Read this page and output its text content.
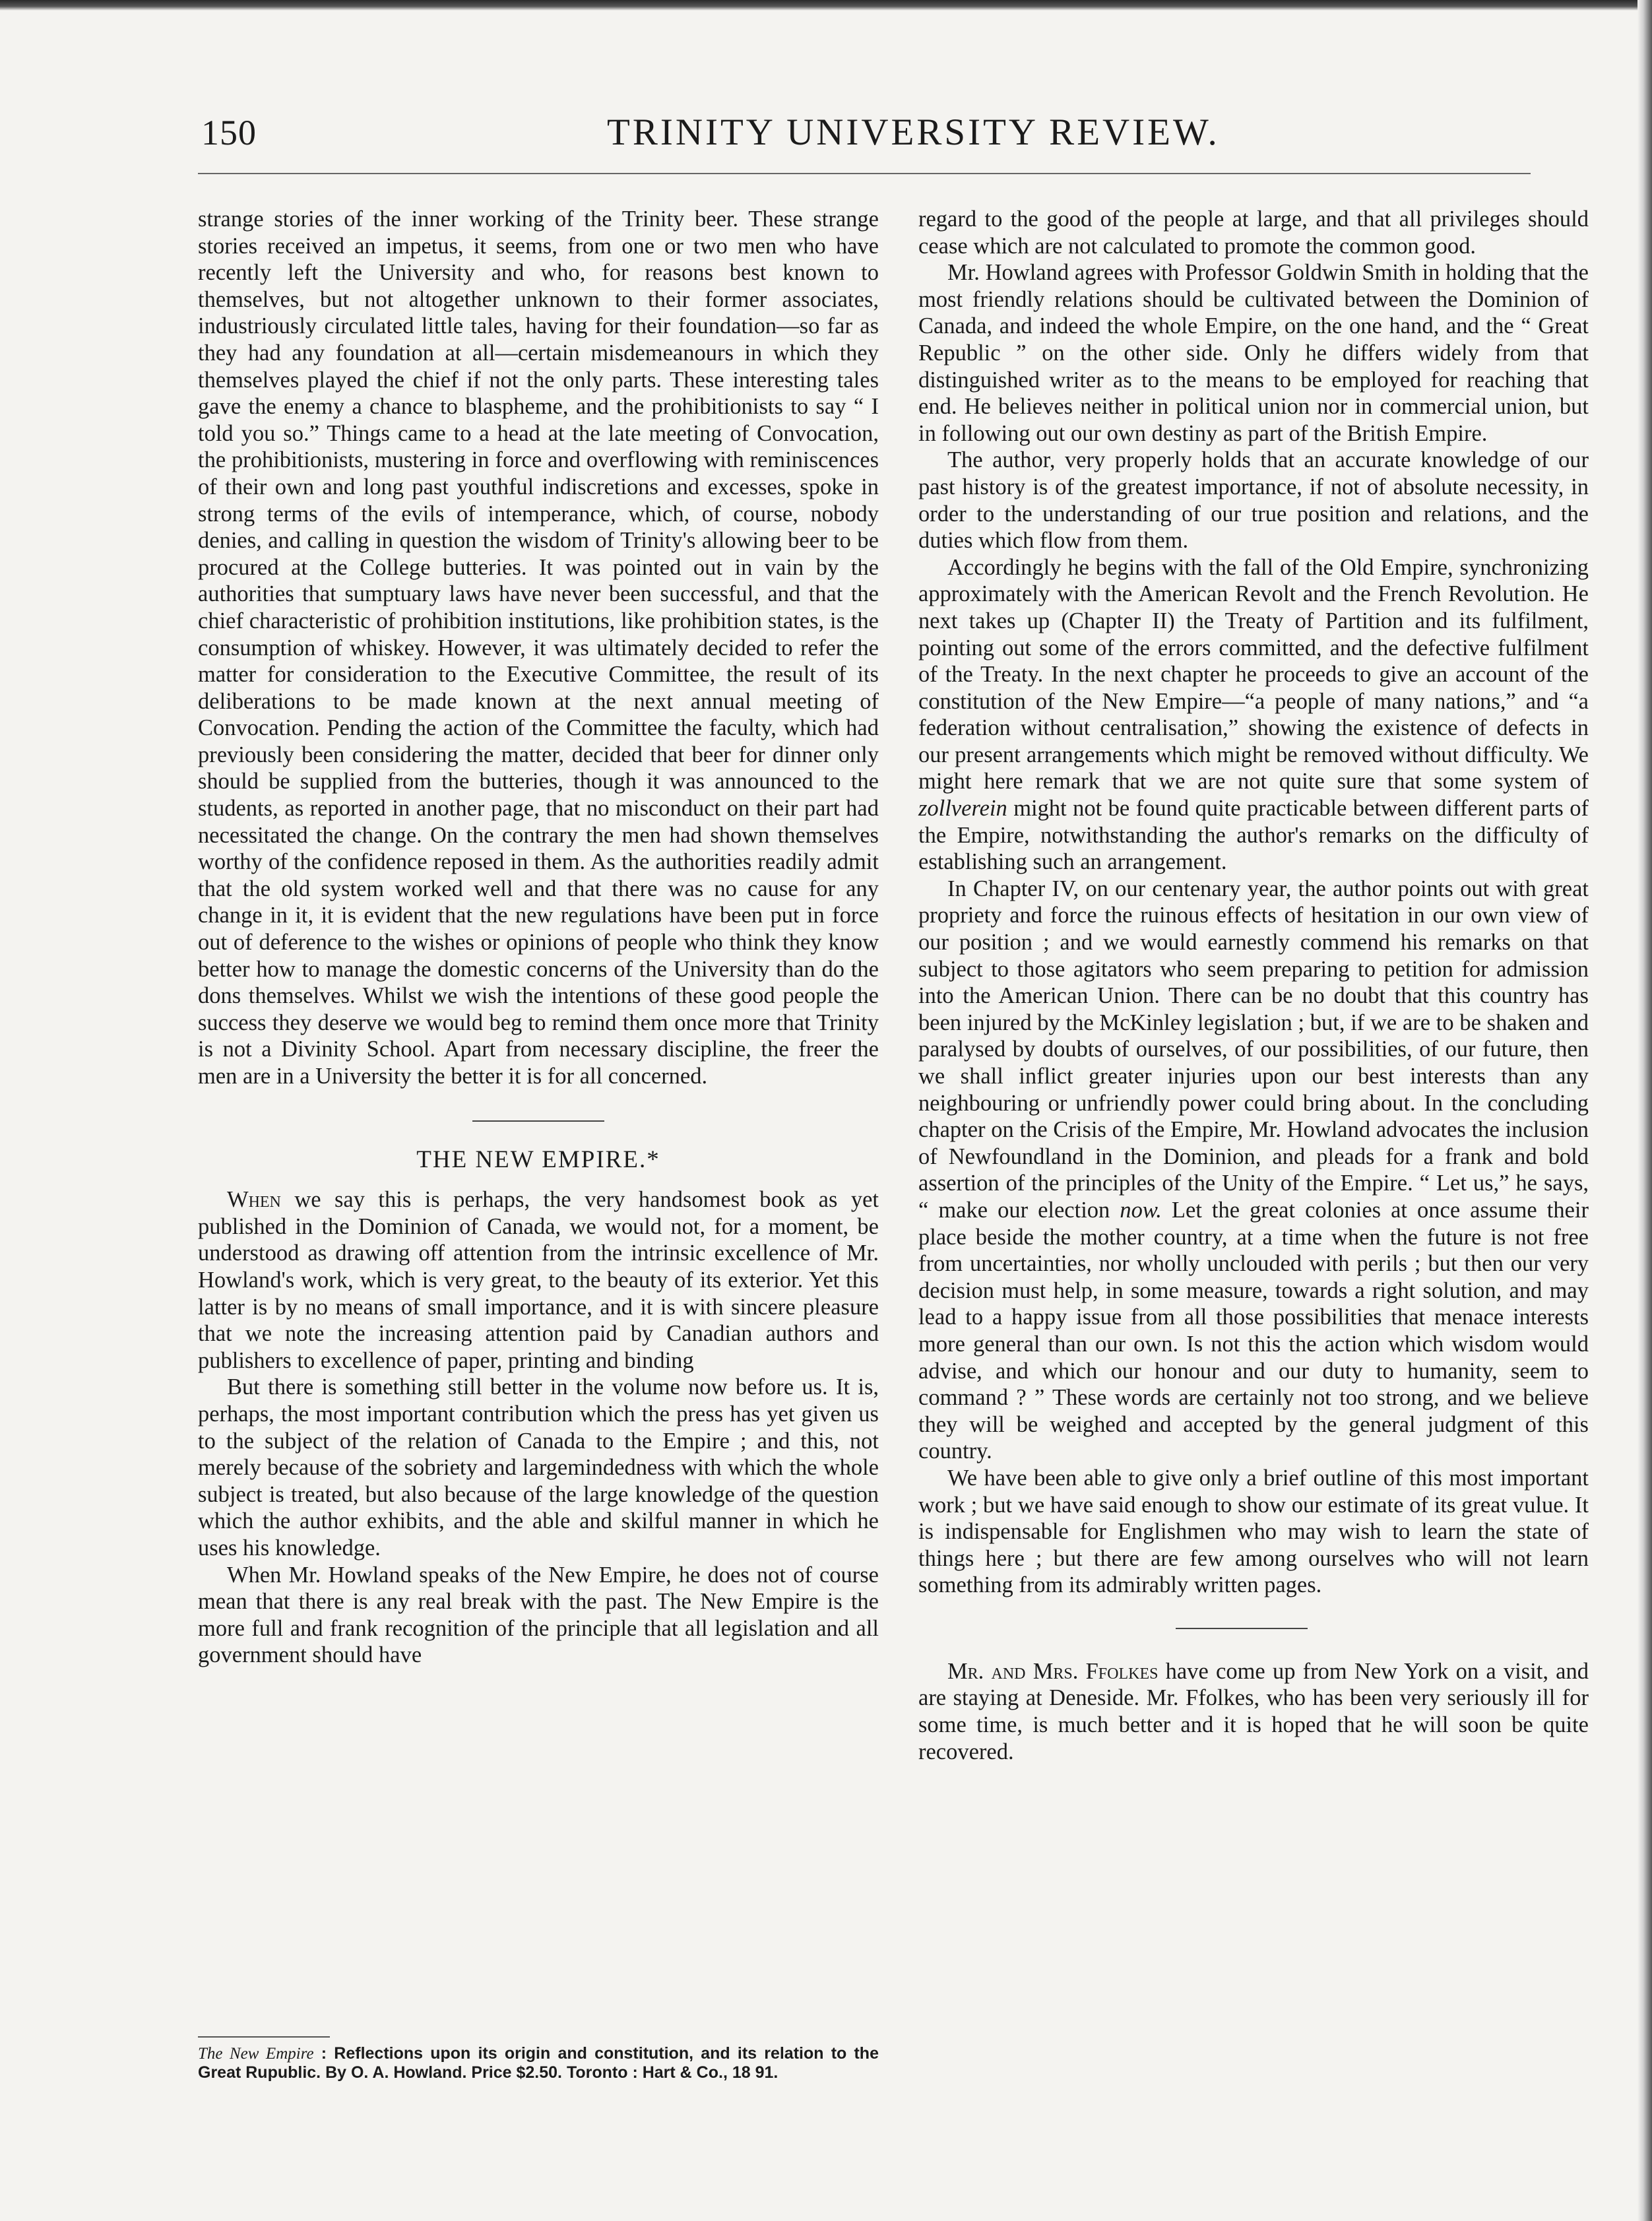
150	TRINITY UNIVERSITY REVIEW.

strange stories of the inner working of the Trinity beer. These strange stories received an impetus, it seems, from one or two men who have recently left the University and who, for reasons best known to themselves, but not altogether unknown to their former associates, industriously circulated little tales, having for their foundation—so far as they had any foundation at all—certain misdemeanours in which they themselves played the chief if not the only parts. These interesting tales gave the enemy a chance to blaspheme, and the prohibitionists to say “ I told you so.” Things came to a head at the late meeting of Convocation, the prohibitionists, mustering in force and overflowing with reminiscences of their own and long past youthful indiscretions and excesses, spoke in strong terms of the evils of intemperance, which, of course, nobody denies, and calling in question the wisdom of Trinity's allowing beer to be procured at the College butteries. It was pointed out in vain by the authorities that sumptuary laws have never been successful, and that the chief characteristic of prohibition institutions, like prohibition states, is the consumption of whiskey. However, it was ultimately decided to refer the matter for consideration to the Executive Committee, the result of its deliberations to be made known at the next annual meeting of Convocation. Pending the action of the Committee the faculty, which had previously been considering the matter, decided that beer for dinner only should be supplied from the butteries, though it was announced to the students, as reported in another page, that no misconduct on their part had necessitated the change. On the contrary the men had shown themselves worthy of the confidence reposed in them. As the authorities readily admit that the old system worked well and that there was no cause for any change in it, it is evident that the new regulations have been put in force out of deference to the wishes or opinions of people who think they know better how to manage the domestic concerns of the University than do the dons themselves. Whilst we wish the intentions of these good people the success they deserve we would beg to remind them once more that Trinity is not a Divinity School. Apart from necessary discipline, the freer the men are in a University the better it is for all concerned.

THE NEW EMPIRE.*

When we say this is perhaps, the very handsomest book as yet published in the Dominion of Canada, we would not, for a moment, be understood as drawing off attention from the intrinsic excellence of Mr. Howland's work, which is very great, to the beauty of its exterior. Yet this latter is by no means of small importance, and it is with sincere pleasure that we note the increasing attention paid by Canadian authors and publishers to excellence of paper, printing and binding

But there is something still better in the volume now before us. It is, perhaps, the most important contribution which the press has yet given us to the subject of the relation of Canada to the Empire ; and this, not merely because of the sobriety and largemindedness with which the whole subject is treated, but also because of the large knowledge of the question which the author exhibits, and the able and skilful manner in which he uses his knowledge.

When Mr. Howland speaks of the New Empire, he does not of course mean that there is any real break with the past. The New Empire is the more full and frank recognition of the principle that all legislation and all government should have

regard to the good of the people at large, and that all privileges should cease which are not calculated to promote the common good.

Mr. Howland agrees with Professor Goldwin Smith in holding that the most friendly relations should be cultivated between the Dominion of Canada, and indeed the whole Empire, on the one hand, and the “ Great Republic ” on the other side. Only he differs widely from that distinguished writer as to the means to be employed for reaching that end. He believes neither in political union nor in commercial union, but in following out our own destiny as part of the British Empire.

The author, very properly holds that an accurate knowledge of our past history is of the greatest importance, if not of absolute necessity, in order to the understanding of our true position and relations, and the duties which flow from them.

Accordingly he begins with the fall of the Old Empire, synchronizing approximately with the American Revolt and the French Revolution. He next takes up (Chapter II) the Treaty of Partition and its fulfilment, pointing out some of the errors committed, and the defective fulfilment of the Treaty. In the next chapter he proceeds to give an account of the constitution of the New Empire—“a people of many nations,” and “a federation without centralisation,” showing the existence of defects in our present arrangements which might be removed without difficulty. We might here remark that we are not quite sure that some system of zollverein might not be found quite practicable between different parts of the Empire, notwithstanding the author's remarks on the difficulty of establishing such an arrangement.

In Chapter IV, on our centenary year, the author points out with great propriety and force the ruinous effects of hesitation in our own view of our position ; and we would earnestly commend his remarks on that subject to those agitators who seem preparing to petition for admission into the American Union. There can be no doubt that this country has been injured by the McKinley legislation ; but, if we are to be shaken and paralysed by doubts of ourselves, of our possibilities, of our future, then we shall inflict greater injuries upon our best interests than any neighbouring or unfriendly power could bring about. In the concluding chapter on the Crisis of the Empire, Mr. Howland advocates the inclusion of Newfoundland in the Dominion, and pleads for a frank and bold assertion of the principles of the Unity of the Empire. “ Let us,” he says, “ make our election now. Let the great colonies at once assume their place beside the mother country, at a time when the future is not free from uncertainties, nor wholly unclouded with perils ; but then our very decision must help, in some measure, towards a right solution, and may lead to a happy issue from all those possibilities that menace interests more general than our own. Is not this the action which wisdom would advise, and which our honour and our duty to humanity, seem to command ? ” These words are certainly not too strong, and we believe they will be weighed and accepted by the general judgment of this country.

We have been able to give only a brief outline of this most important work ; but we have said enough to show our estimate of its great vulue. It is indispensable for Englishmen who may wish to learn the state of things here ; but there are few among ourselves who will not learn something from its admirably written pages.

Mr. and Mrs. Ffolkes have come up from New York on a visit, and are staying at Deneside. Mr. Ffolkes, who has been very seriously ill for some time, is much better and it is hoped that he will soon be quite recovered.

The New Empire : Reflections upon its origin and constitution, and its relation to the Great Rupublic. By O. A. Howland. Price $2.50. Toronto : Hart & Co., 18 91.
